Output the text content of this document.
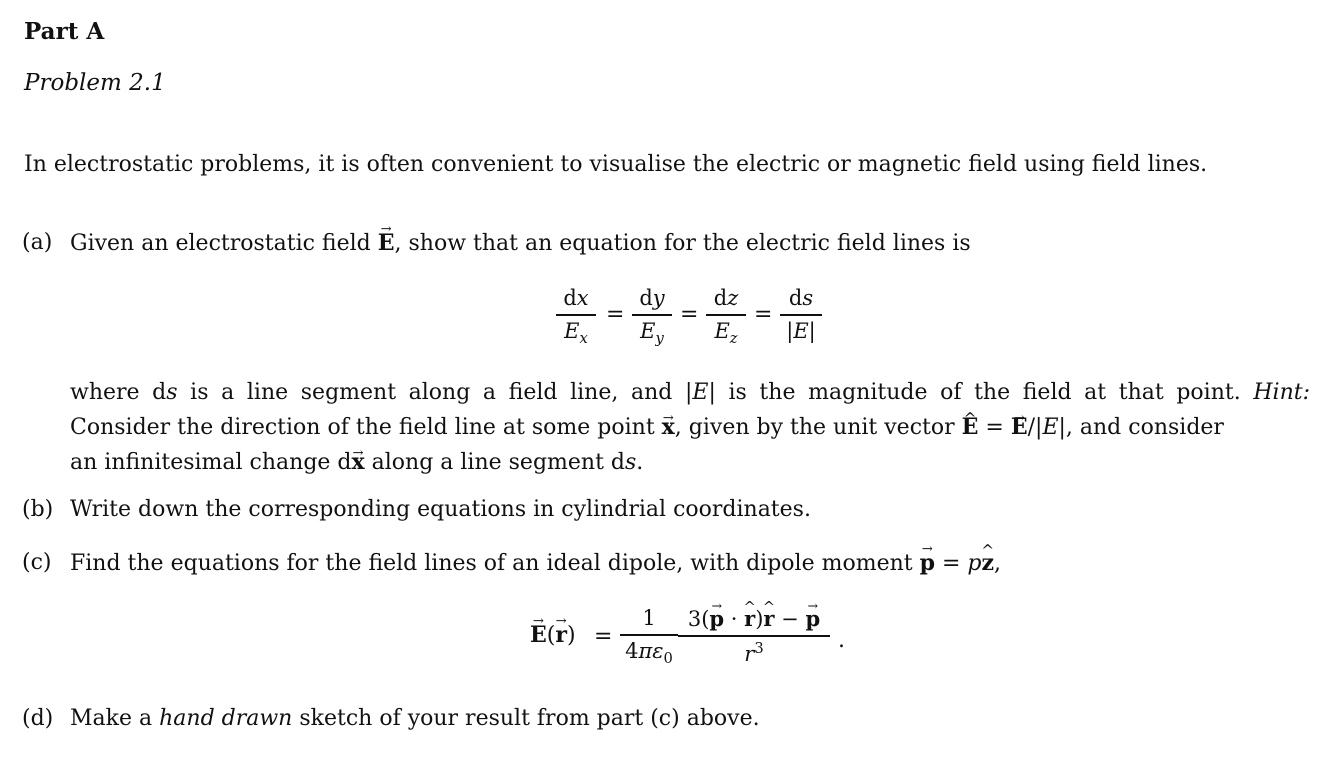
Part A
Problem 2.1
In electrostatic problems, it is often convenient to visualise the electric or magnetic field using field lines.
(a) Given an electrostatic field → E, show that an equation for the electric field lines is
dx
$E_x$
=
dy
$E_y$
=
dz
$E_z$
=
ds
|E|
where ds is a line segment along a field line, and |E| is the magnitude of the field at that point. Hint:
Consider the direction of the field line at some point → x, given by the unit vector ^ E = → E/|E|, and consider
an infinitesimal change d→ x along a line segment ds.
(b) Write down the corresponding equations in cylindrial coordinates.
(c) Find the equations for the field lines of an ideal dipole, with dipole moment → p = p^ z,
→ E(→ r) =
1
$4\pi\varepsilon_0$
3(→ p · ^ r)^ r − → p
$r^3$	.
(d) Make a hand drawn sketch of your result from part (c) above.
